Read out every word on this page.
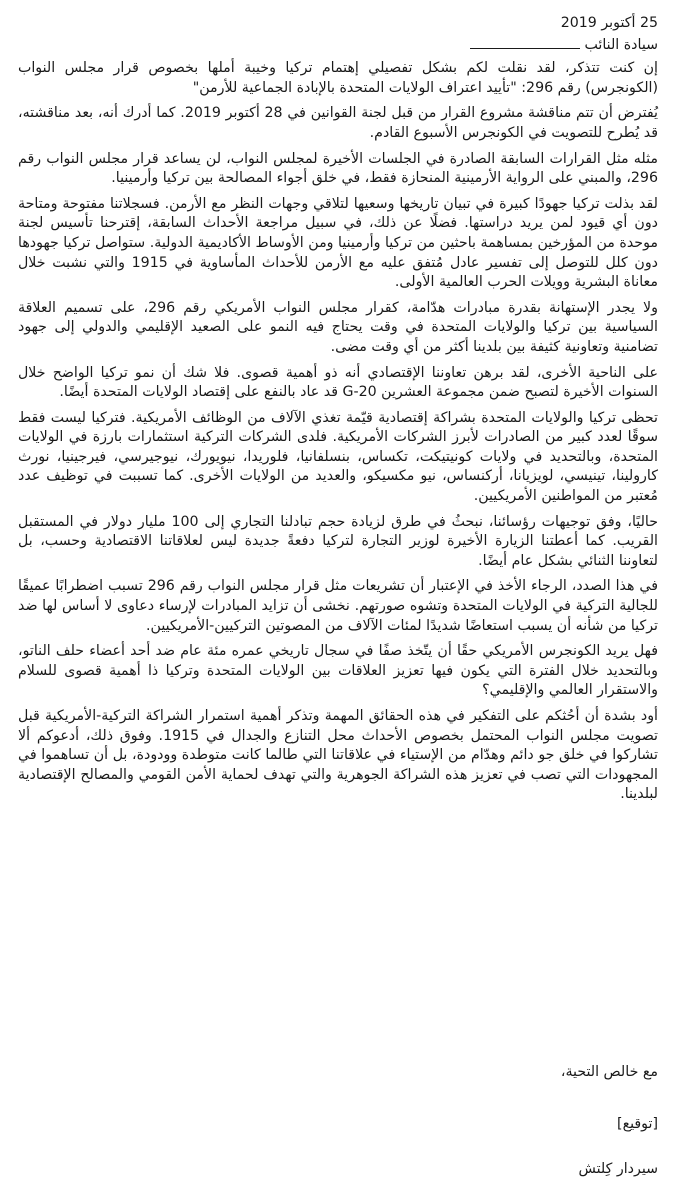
25 أكتوبر 2019

سيادة النائب

إن كنت تتذكر، لقد نقلت لكم بشكل تفصيلي إهتمام تركيا وخيبة أملها بخصوص قرار مجلس النواب (الكونجرس) رقم 296: "تأييد اعتراف الولايات المتحدة بالإبادة الجماعية للأرمن"

يُفترض أن تتم مناقشة مشروع القرار من قبل لجنة القوانين في 28 أكتوبر 2019. كما أدرك أنه، بعد مناقشته، قد يُطرح للتصويت في الكونجرس الأسبوع القادم.

مثله مثل القرارات السابقة الصادرة في الجلسات الأخيرة لمجلس النواب، لن يساعد قرار مجلس النواب رقم 296، والمبني على الرواية الأرمينية المنحازة فقط، في خلق أجواء المصالحة بين تركيا وأرمينيا.

لقد بذلت تركيا جهودًا كبيرة في تبيان تاريخها وسعيها لتلاقي وجهات النظر مع الأرمن. فسجلاتنا مفتوحة ومتاحة دون أي قيود لمن يريد دراستها. فضلًا عن ذلك، في سبيل مراجعة الأحداث السابقة، إقترحنا تأسيس لجنة موحدة من المؤرخين بمساهمة باحثين من تركيا وأرمينيا ومن الأوساط الأكاديمية الدولية. ستواصل تركيا جهودها دون كلل للتوصل إلى تفسير عادل مُتفق عليه مع الأرمن للأحداث المأساوية في 1915 والتي نشبت خلال معاناة البشرية وويلات الحرب العالمية الأولى.

ولا يجدر الإستهانة بقدرة مبادرات هدّامة، كقرار مجلس النواب الأمريكي رقم 296، على تسميم العلاقة السياسية بين تركيا والولايات المتحدة في وقت يحتاج فيه النمو على الصعيد الإقليمي والدولي إلى جهود تضامنية وتعاونية كثيفة بين بلدينا أكثر من أي وقت مضى.

على الناحية الأخرى، لقد برهن تعاوننا الإقتصادي أنه ذو أهمية قصوى. فلا شك أن نمو تركيا الواضح خلال السنوات الأخيرة لتصبح ضمن مجموعة العشرين G-20 قد عاد بالنفع على إقتصاد الولايات المتحدة أيضًا.

تحظى تركيا والولايات المتحدة بشراكة إقتصادية قيّمة تغذي الآلاف من الوظائف الأمريكية. فتركيا ليست فقط سوقًا لعدد كبير من الصادرات لأبرز الشركات الأمريكية. فلدى الشركات التركية استثمارات بارزة في الولايات المتحدة، وبالتحديد في ولايات كونيتيكت، تكساس، بنسلفانيا، فلوريدا، نيويورك، نيوجيرسي، فيرجينيا، نورث كارولينا، تينيسي، لويزيانا، أركنساس، نيو مكسيكو، والعديد من الولايات الأخرى. كما تسببت في توظيف عدد مُعتبر من المواطنين الأمريكيين.

حاليًا، وفق توجيهات رؤسائنا، نبحثُ في طرق لزيادة حجم تبادلنا التجاري إلى 100 مليار دولار في المستقبل القريب. كما أعطتنا الزيارة الأخيرة لوزير التجارة لتركيا دفعةً جديدة ليس لعلاقاتنا الاقتصادية وحسب، بل لتعاوننا الثنائي بشكل عام أيضًا.

في هذا الصدد، الرجاء الأخذ في الإعتبار أن تشريعات مثل قرار مجلس النواب رقم 296 تسبب اضطرابًا عميقًا للجالية التركية في الولايات المتحدة وتشوه صورتهم. نخشى أن تزايد المبادرات لإرساء دعاوى لا أساس لها ضد تركيا من شأنه أن يسبب استعاضًا شديدًا لمئات الآلاف من المصوتين التركيين-الأمريكيين.

فهل يريد الكونجرس الأمريكي حقًا أن يتّخذ صفًا في سجال تاريخي عمره مئة عام ضد أحد أعضاء حلف الناتو، وبالتحديد خلال الفترة التي يكون فيها تعزيز العلاقات بين الولايات المتحدة وتركيا ذا أهمية قصوى للسلام والاستقرار العالمي والإقليمي؟

أود بشدة أن أحُثكم على التفكير في هذه الحقائق المهمة وتذكر أهمية استمرار الشراكة التركية-الأمريكية قبل تصويت مجلس النواب المحتمل بخصوص الأحداث محل التنازع والجدال في 1915. وفوق ذلك، أدعوكم ألا تشاركوا في خلق جو دائم وهدّام من الإستياء في علاقاتنا التي طالما كانت متوطدة وودودة، بل أن تساهموا في المجهودات التي تصب في تعزيز هذه الشراكة الجوهرية والتي تهدف لحماية الأمن القومي والمصالح الإقتصادية لبلدينا.

مع خالص التحية،

[توقيع]

سيردار كِلتش
